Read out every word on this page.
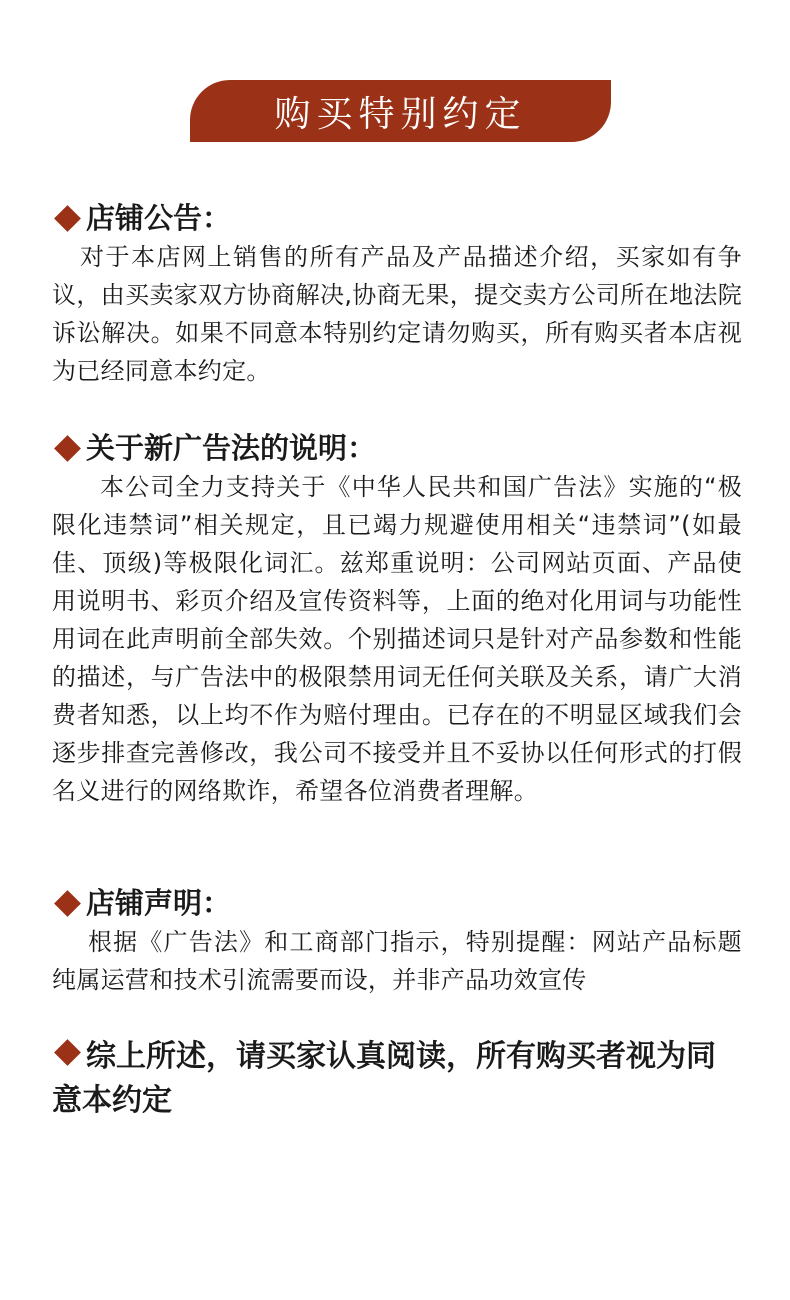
购买特别约定
店铺公告：

对于本店网上销售的所有产品及产品描述介绍，买家如有争议，由买卖家双方协商解决,协商无果，提交卖方公司所在地法院诉讼解决。如果不同意本特别约定请勿购买，所有购买者本店视为已经同意本约定。

关于新广告法的说明：

本公司全力支持关于《中华人民共和国广告法》实施的“极限化违禁词”相关规定，且已竭力规避使用相关“违禁词”(如最佳、顶级)等极限化词汇。兹郑重说明：公司网站页面、产品使用说明书、彩页介绍及宣传资料等，上面的绝对化用词与功能性用词在此声明前全部失效。个别描述词只是针对产品参数和性能的描述，与广告法中的极限禁用词无任何关联及关系，请广大消费者知悉，以上均不作为赔付理由。已存在的不明显区域我们会逐步排查完善修改，我公司不接受并且不妥协以任何形式的打假名义进行的网络欺诈，希望各位消费者理解。

店铺声明：

根据《广告法》和工商部门指示，特别提醒：网站产品标题纯属运营和技术引流需要而设，并非产品功效宣传

综上所述，请买家认真阅读，所有购买者视为同意本约定
